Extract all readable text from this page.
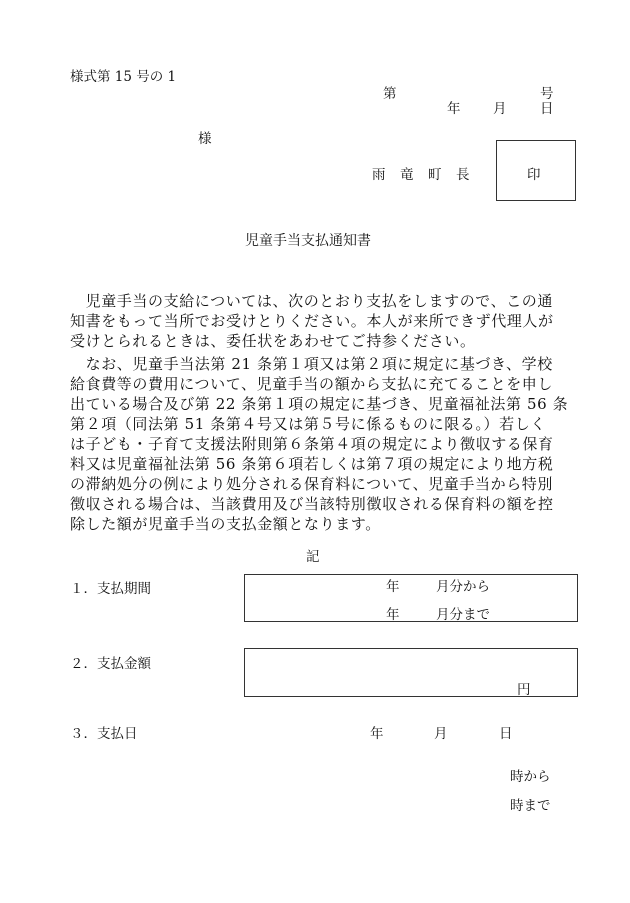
様式第 15 号の 1
第	号
年 月 日
様
雨　竜　町　長	印
児童手当支払通知書
　児童手当の支給については、次のとおり支払をしますので、この通
知書をもって当所でお受けとりください。本人が来所できず代理人が
受けとられるときは、委任状をあわせてご持参ください。
　なお、児童手当法第 21 条第１項又は第２項に規定に基づき、学校
給食費等の費用について、児童手当の額から支払に充てることを申し
出ている場合及び第 22 条第１項の規定に基づき、児童福祉法第 56 条
第２項（同法第 51 条第４号又は第５号に係るものに限る。）若しく
は子ども・子育て支援法附則第６条第４項の規定により徴収する保育
料又は児童福祉法第 56 条第６項若しくは第７項の規定により地方税
の滞納処分の例により処分される保育料について、児童手当から特別
徴収される場合は、当該費用及び当該特別徴収される保育料の額を控
除した額が児童手当の支払金額となります。
記
１．支払期間	年	月分から
年	月分まで
２．支払金額
円
３．支払日	年	月	日
時から
時まで
